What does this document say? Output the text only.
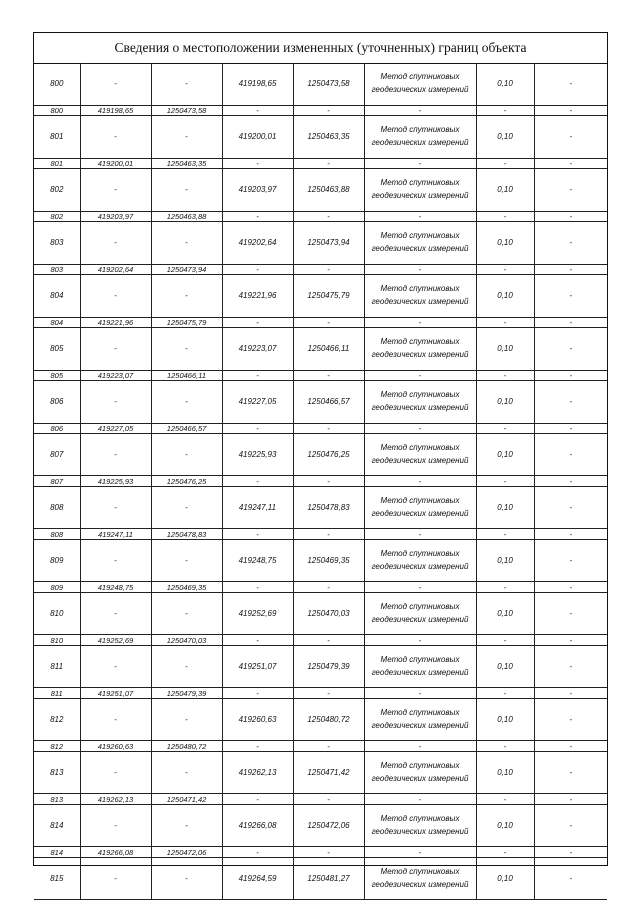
Сведения о местоположении измененных (уточненных) границ объекта
800	-	-	419198,65	1250473,58	Метод спутниковых геодезических измерений	0,10	-
800	419198,65	1250473,58	-	-	-	-	-
801	-	-	419200,01	1250463,35	Метод спутниковых геодезических измерений	0,10	-
801	419200,01	1250463,35	-	-	-	-	-
802	-	-	419203,97	1250463,88	Метод спутниковых геодезических измерений	0,10	-
802	419203,97	1250463,88	-	-	-	-	-
803	-	-	419202,64	1250473,94	Метод спутниковых геодезических измерений	0,10	-
803	419202,64	1250473,94	-	-	-	-	-
804	-	-	419221,96	1250475,79	Метод спутниковых геодезических измерений	0,10	-
804	419221,96	1250475,79	-	-	-	-	-
805	-	-	419223,07	1250466,11	Метод спутниковых геодезических измерений	0,10	-
805	419223,07	1250466,11	-	-	-	-	-
806	-	-	419227,05	1250466,57	Метод спутниковых геодезических измерений	0,10	-
806	419227,05	1250466,57	-	-	-	-	-
807	-	-	419225,93	1250476,25	Метод спутниковых геодезических измерений	0,10	-
807	419225,93	1250476,25	-	-	-	-	-
808	-	-	419247,11	1250478,83	Метод спутниковых геодезических измерений	0,10	-
808	419247,11	1250478,83	-	-	-	-	-
809	-	-	419248,75	1250469,35	Метод спутниковых геодезических измерений	0,10	-
809	419248,75	1250469,35	-	-	-	-	-
810	-	-	419252,69	1250470,03	Метод спутниковых геодезических измерений	0,10	-
810	419252,69	1250470,03	-	-	-	-	-
811	-	-	419251,07	1250479,39	Метод спутниковых геодезических измерений	0,10	-
811	419251,07	1250479,39	-	-	-	-	-
812	-	-	419260,63	1250480,72	Метод спутниковых геодезических измерений	0,10	-
812	419260,63	1250480,72	-	-	-	-	-
813	-	-	419262,13	1250471,42	Метод спутниковых геодезических измерений	0,10	-
813	419262,13	1250471,42	-	-	-	-	-
814	-	-	419266,08	1250472,06	Метод спутниковых геодезических измерений	0,10	-
814	419266,08	1250472,06	-	-	-	-	-
815	-	-	419264,59	1250481,27	Метод спутниковых геодезических измерений	0,10	-
